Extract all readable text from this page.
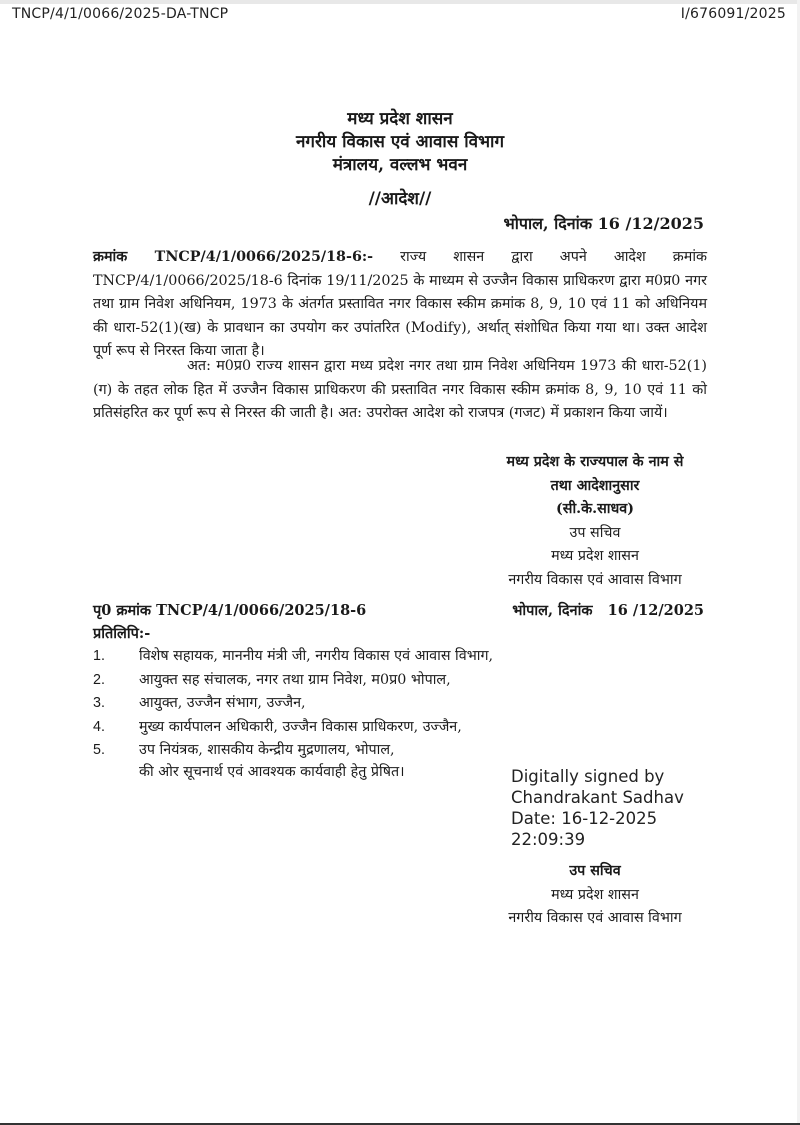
TNCP/4/1/0066/2025-DA-TNCP	I/676091/2025
मध्य प्रदेश शासन
नगरीय विकास एवं आवास विभाग
मंत्रालय, वल्लभ भवन
//आदेश//
भोपाल, दिनांक 16 /12/2025
क्रमांक TNCP/4/1/0066/2025/18-6:- राज्य शासन द्वारा अपने आदेश क्रमांक TNCP/4/1/0066/2025/18-6 दिनांक 19/11/2025 के माध्यम से उज्जैन विकास प्राधिकरण द्वारा म0प्र0 नगर तथा ग्राम निवेश अधिनियम, 1973 के अंतर्गत प्रस्तावित नगर विकास स्कीम क्रमांक 8, 9, 10 एवं 11 को अधिनियम की धारा-52(1)(ख) के प्रावधान का उपयोग कर उपांतरित (Modify), अर्थात् संशोधित किया गया था। उक्त आदेश पूर्ण रूप से निरस्त किया जाता है।
अत: म0प्र0 राज्य शासन द्वारा मध्य प्रदेश नगर तथा ग्राम निवेश अधिनियम 1973 की धारा-52(1)(ग) के तहत लोक हित में उज्जैन विकास प्राधिकरण की प्रस्तावित नगर विकास स्कीम क्रमांक 8, 9, 10 एवं 11 को प्रतिसंहरित कर पूर्ण रूप से निरस्त की जाती है। अत: उपरोक्त आदेश को राजपत्र (गजट) में प्रकाशन किया जायें।
मध्य प्रदेश के राज्यपाल के नाम से
तथा आदेशानुसार
(सी.के.साधव)
उप सचिव
मध्य प्रदेश शासन
नगरीय विकास एवं आवास विभाग
पृ0 क्रमांक TNCP/4/1/0066/2025/18-6	भोपाल, दिनांक   16 /12/2025
प्रतिलिपि:-
1.	विशेष सहायक, माननीय मंत्री जी, नगरीय विकास एवं आवास विभाग,
2.	आयुक्त सह संचालक, नगर तथा ग्राम निवेश, म0प्र0 भोपाल,
3.	आयुक्त, उज्जैन संभाग, उज्जैन,
4.	मुख्य कार्यपालन अधिकारी, उज्जैन विकास प्राधिकरण, उज्जैन,
5.	उप नियंत्रक, शासकीय केन्द्रीय मुद्रणालय, भोपाल,
की ओर सूचनार्थ एवं आवश्यक कार्यवाही हेतु प्रेषित।	Digitally signed by
Chandrakant Sadhav
Date: 16-12-2025
22:09:39
उप सचिव
मध्य प्रदेश शासन
नगरीय विकास एवं आवास विभाग
